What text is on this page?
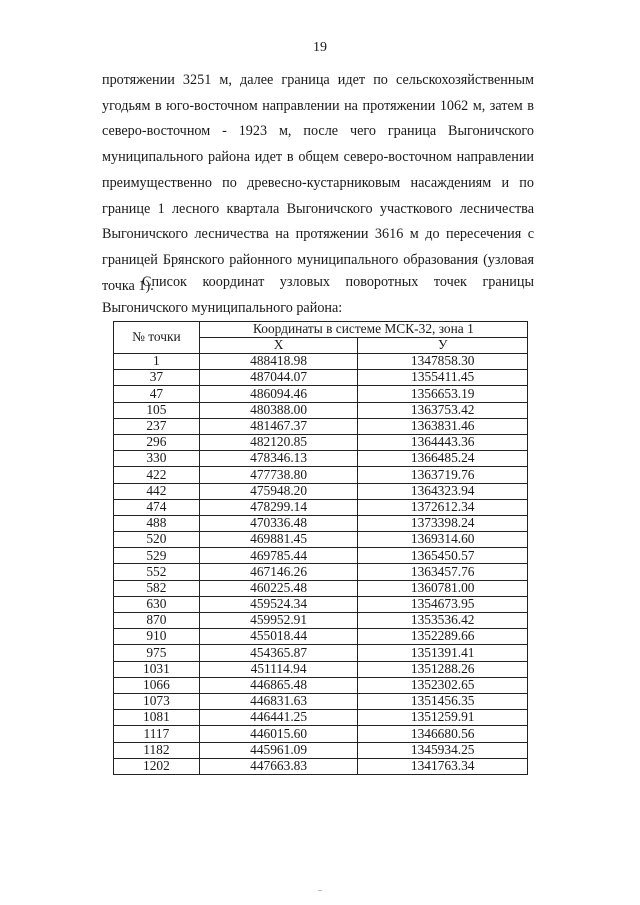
19

протяжении 3251 м, далее граница идет по сельскохозяйственным угодьям в юго-восточном направлении на протяжении 1062 м, затем в северо-восточном - 1923 м, после чего граница Выгоничского муниципального района идет в общем северо-восточном направлении преимущественно по древесно-кустарниковым насаждениям и по границе 1 лесного квартала Выгоничского участкового лесничества Выгоничского лесничества на протяжении 3616 м до пересечения с границей Брянского районного муниципального образования (узловая точка 1).

Список координат узловых поворотных точек границы Выгоничского муниципального района:

№ точки	Координаты в системе МСК-32, зона 1	
	X	У
1	488418.98	1347858.30
37	487044.07	1355411.45
47	486094.46	1356653.19
105	480388.00	1363753.42
237	481467.37	1363831.46
296	482120.85	1364443.36
330	478346.13	1366485.24
422	477738.80	1363719.76
442	475948.20	1364323.94
474	478299.14	1372612.34
488	470336.48	1373398.24
520	469881.45	1369314.60
529	469785.44	1365450.57
552	467146.26	1363457.76
582	460225.48	1360781.00
630	459524.34	1354673.95
870	459952.91	1353536.42
910	455018.44	1352289.66
975	454365.87	1351391.41
1031	451114.94	1351288.26
1066	446865.48	1352302.65
1073	446831.63	1351456.35
1081	446441.25	1351259.91
1117	446015.60	1346680.56
1182	445961.09	1345934.25
1202	447663.83	1341763.34
